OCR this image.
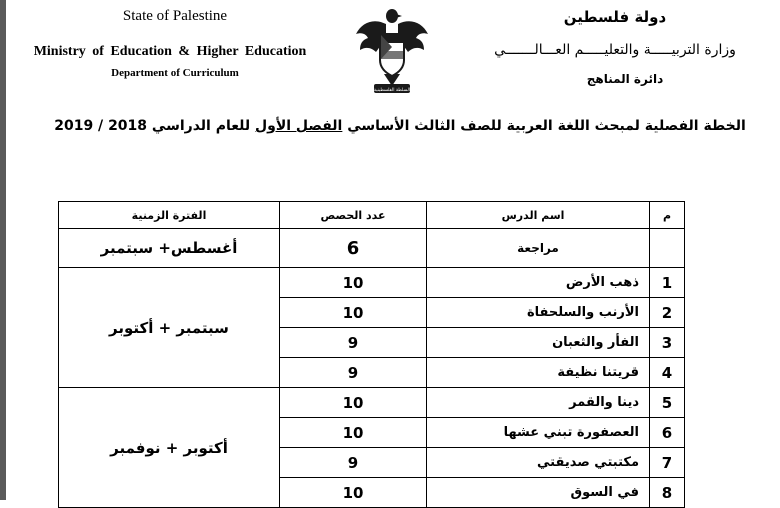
State of Palestine
Ministry of Education & Higher Education
Department of Curriculum
السلطة الفلسطينية
دولة فلسطين
وزارة التربيـــــة والتعليـــــم العـــالـــــــي
دائرة المناهج
الخطة الفصلية لمبحث اللغة العربية للصف الثالث الأساسي الفصل الأول للعام الدراسي 2018 / 2019
م	اسم الدرس	عدد الحصص	الفترة الزمنية
	مراجعة	6	أغسطس+ سبتمبر
1	ذهب الأرض	10	سبتمبر + أكتوبر
2	الأرنب والسلحفاة	10	
3	الفأر والثعبان	9	
4	قريتنا نظيفة	9	
5	دينا والقمر	10	أكتوبر + نوفمبر
6	العصفورة تبني عشها	10	
7	مكتبتي صديقتي	9	
8	في السوق	10	
